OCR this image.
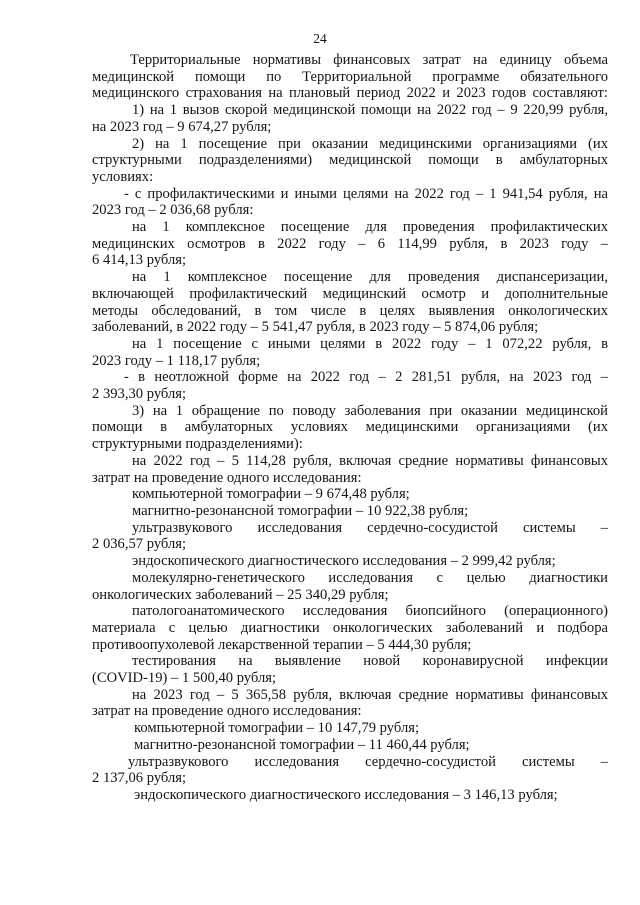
24
Территориальные нормативы финансовых затрат на единицу объема
медицинской помощи по Территориальной программе обязательного
медицинского страхования на плановый период 2022 и 2023 годов составляют:
1) на 1 вызов скорой медицинской помощи на 2022 год – 9 220,99 рубля,
на 2023 год – 9 674,27 рубля;
2) на 1 посещение при оказании медицинскими организациями (их
структурными подразделениями) медицинской помощи в амбулаторных
условиях:
- с профилактическими и иными целями на 2022 год – 1 941,54 рубля, на
2023 год – 2 036,68 рубля:
на 1 комплексное посещение для проведения профилактических
медицинских осмотров в 2022 году – 6 114,99 рубля, в 2023 году –
6 414,13 рубля;
на 1 комплексное посещение для проведения диспансеризации,
включающей профилактический медицинский осмотр и дополнительные
методы обследований, в том числе в целях выявления онкологических
заболеваний, в 2022 году – 5 541,47 рубля, в 2023 году – 5 874,06 рубля;
на 1 посещение с иными целями в 2022 году – 1 072,22 рубля, в
2023 году – 1 118,17 рубля;
- в неотложной форме на 2022 год – 2 281,51 рубля, на 2023 год –
2 393,30 рубля;
3) на 1 обращение по поводу заболевания при оказании медицинской
помощи в амбулаторных условиях медицинскими организациями (их
структурными подразделениями):
на 2022 год – 5 114,28 рубля, включая средние нормативы финансовых
затрат на проведение одного исследования:
компьютерной томографии – 9 674,48 рубля;
магнитно-резонансной томографии – 10 922,38 рубля;
ультразвукового исследования сердечно-сосудистой системы –
2 036,57 рубля;
эндоскопического диагностического исследования – 2 999,42 рубля;
молекулярно-генетического исследования с целью диагностики
онкологических заболеваний – 25 340,29 рубля;
патологоанатомического исследования биопсийного (операционного)
материала с целью диагностики онкологических заболеваний и подбора
противоопухолевой лекарственной терапии – 5 444,30 рубля;
тестирования на выявление новой коронавирусной инфекции
(COVID-19) – 1 500,40 рубля;
на 2023 год – 5 365,58 рубля, включая средние нормативы финансовых
затрат на проведение одного исследования:
компьютерной томографии – 10 147,79 рубля;
магнитно-резонансной томографии – 11 460,44 рубля;
ультразвукового исследования сердечно-сосудистой системы –
2 137,06 рубля;
эндоскопического диагностического исследования – 3 146,13 рубля;
